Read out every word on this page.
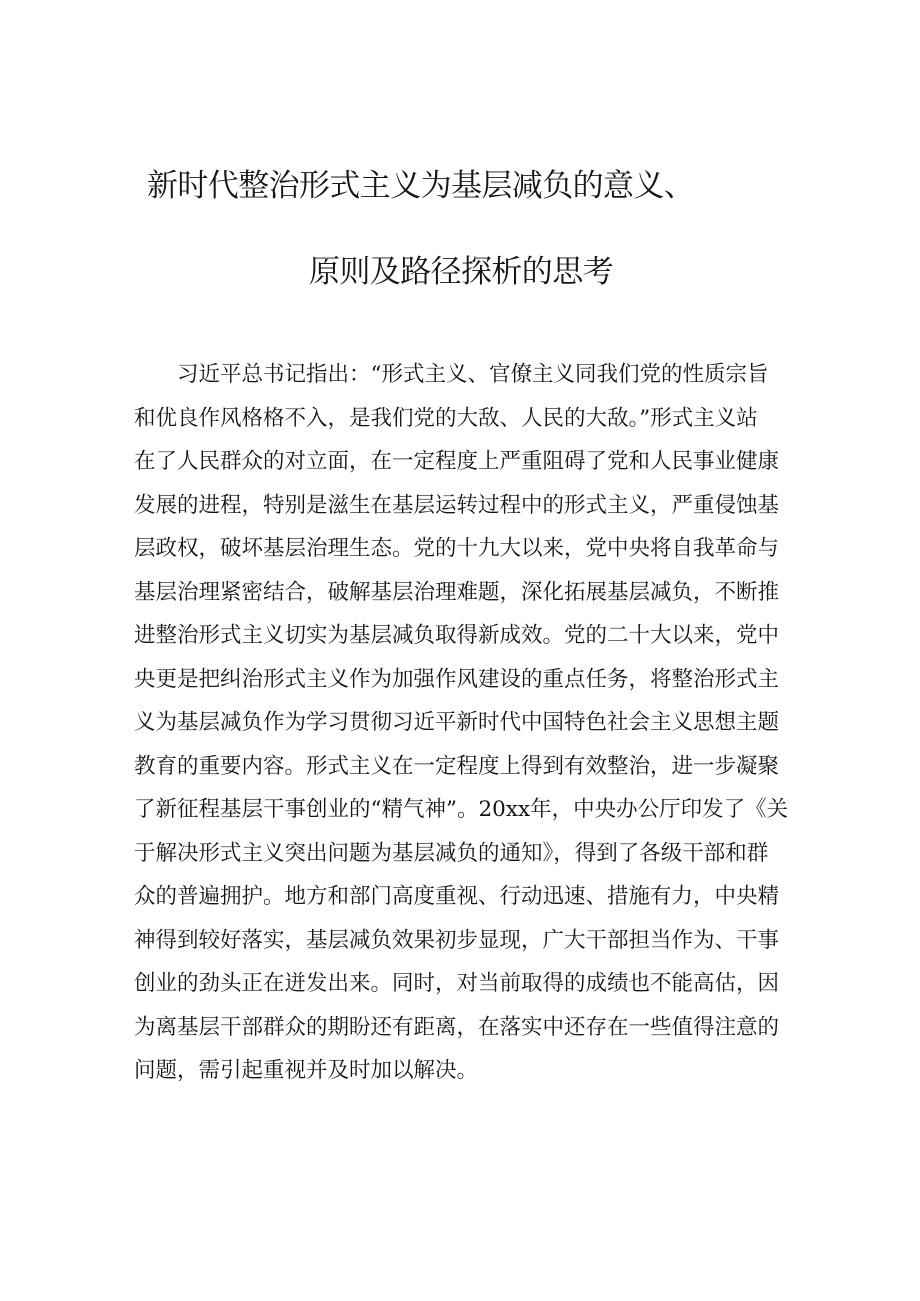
新时代整治形式主义为基层减负的意义、
原则及路径探析的思考
习近平总书记指出：“形式主义、官僚主义同我们党的性质宗旨
和优良作风格格不入，是我们党的大敌、人民的大敌。”形式主义站
在了人民群众的对立面，在一定程度上严重阻碍了党和人民事业健康
发展的进程，特别是滋生在基层运转过程中的形式主义，严重侵蚀基
层政权，破坏基层治理生态。党的十九大以来，党中央将自我革命与
基层治理紧密结合，破解基层治理难题，深化拓展基层减负，不断推
进整治形式主义切实为基层减负取得新成效。党的二十大以来，党中
央更是把纠治形式主义作为加强作风建设的重点任务，将整治形式主
义为基层减负作为学习贯彻习近平新时代中国特色社会主义思想主题
教育的重要内容。形式主义在一定程度上得到有效整治，进一步凝聚
了新征程基层干事创业的“精气神”。20xx年，中央办公厅印发了《关
于解决形式主义突出问题为基层减负的通知》，得到了各级干部和群
众的普遍拥护。地方和部门高度重视、行动迅速、措施有力，中央精
神得到较好落实，基层减负效果初步显现，广大干部担当作为、干事
创业的劲头正在迸发出来。同时，对当前取得的成绩也不能高估，因
为离基层干部群众的期盼还有距离，在落实中还存在一些值得注意的
问题，需引起重视并及时加以解决。
